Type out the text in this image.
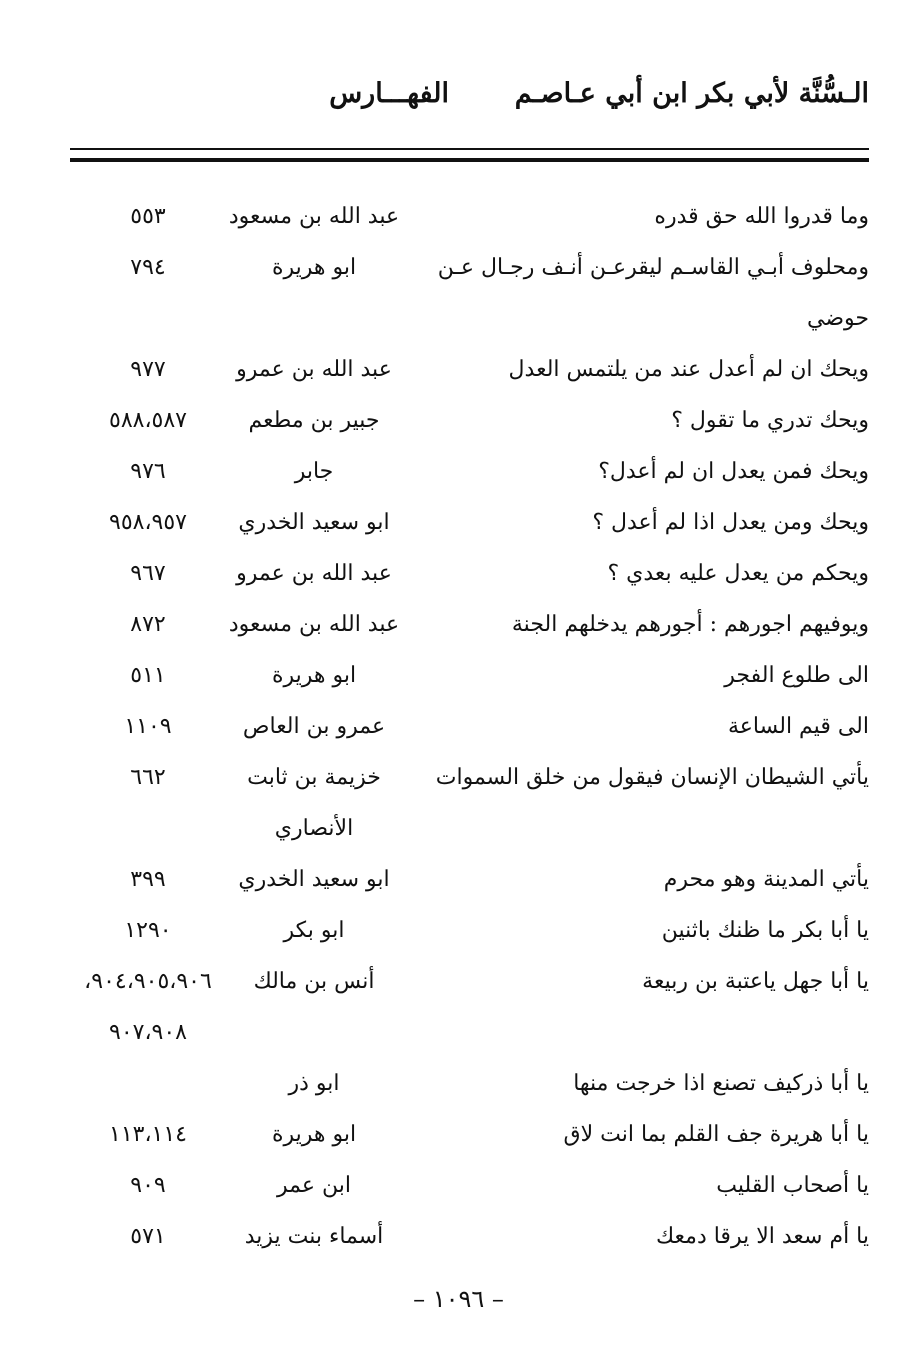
الـسُّنَّة لأبي بكر ابن أبي عـاصـم
الفهـــارس
وما قدروا الله حق قدره
عبد الله بن مسعود
٥٥٣
ومحلوف أبـي القاسـم ليقرعـن أنـف رجـال عـن
ابو هريرة
٧٩٤
حوضي
ويحك ان لم أعدل عند من يلتمس العدل
عبد الله بن عمرو
٩٧٧
ويحك تدري ما تقول ؟
جبير بن مطعم
٥٨٨،٥٨٧
ويحك فمن يعدل ان لم أعدل؟
جابر
٩٧٦
ويحك ومن يعدل اذا لم أعدل ؟
ابو سعيد الخدري
٩٥٨،٩٥٧
ويحكم من يعدل عليه بعدي ؟
عبد الله بن عمرو
٩٦٧
ويوفيهم اجورهم : أجورهم يدخلهم الجنة
عبد الله بن مسعود
٨٧٢
الى طلوع الفجر
ابو هريرة
٥١١
الى قيم الساعة
عمرو بن العاص
١١٠٩
يأتي الشيطان الإنسان فيقول من خلق السموات
خزيمة بن ثابت
٦٦٢
الأنصاري
يأتي المدينة وهو محرم
ابو سعيد الخدري
٣٩٩
يا أبا بكر ما ظنك باثنين
ابو بكر
١٢٩٠
يا أبا جهل ياعتبة بن ربيعة
أنس بن مالك
٩٠٤،٩٠٥،٩٠٦،
٩٠٧،٩٠٨
يا أبا ذركيف تصنع اذا خرجت منها
ابو ذر
يا أبا هريرة جف القلم بما انت لاق
ابو هريرة
١١٣،١١٤
يا أصحاب القليب
ابن عمر
٩٠٩
يا أم سعد الا يرقا دمعك
أسماء بنت يزيد
٥٧١
– ١٠٩٦ –
